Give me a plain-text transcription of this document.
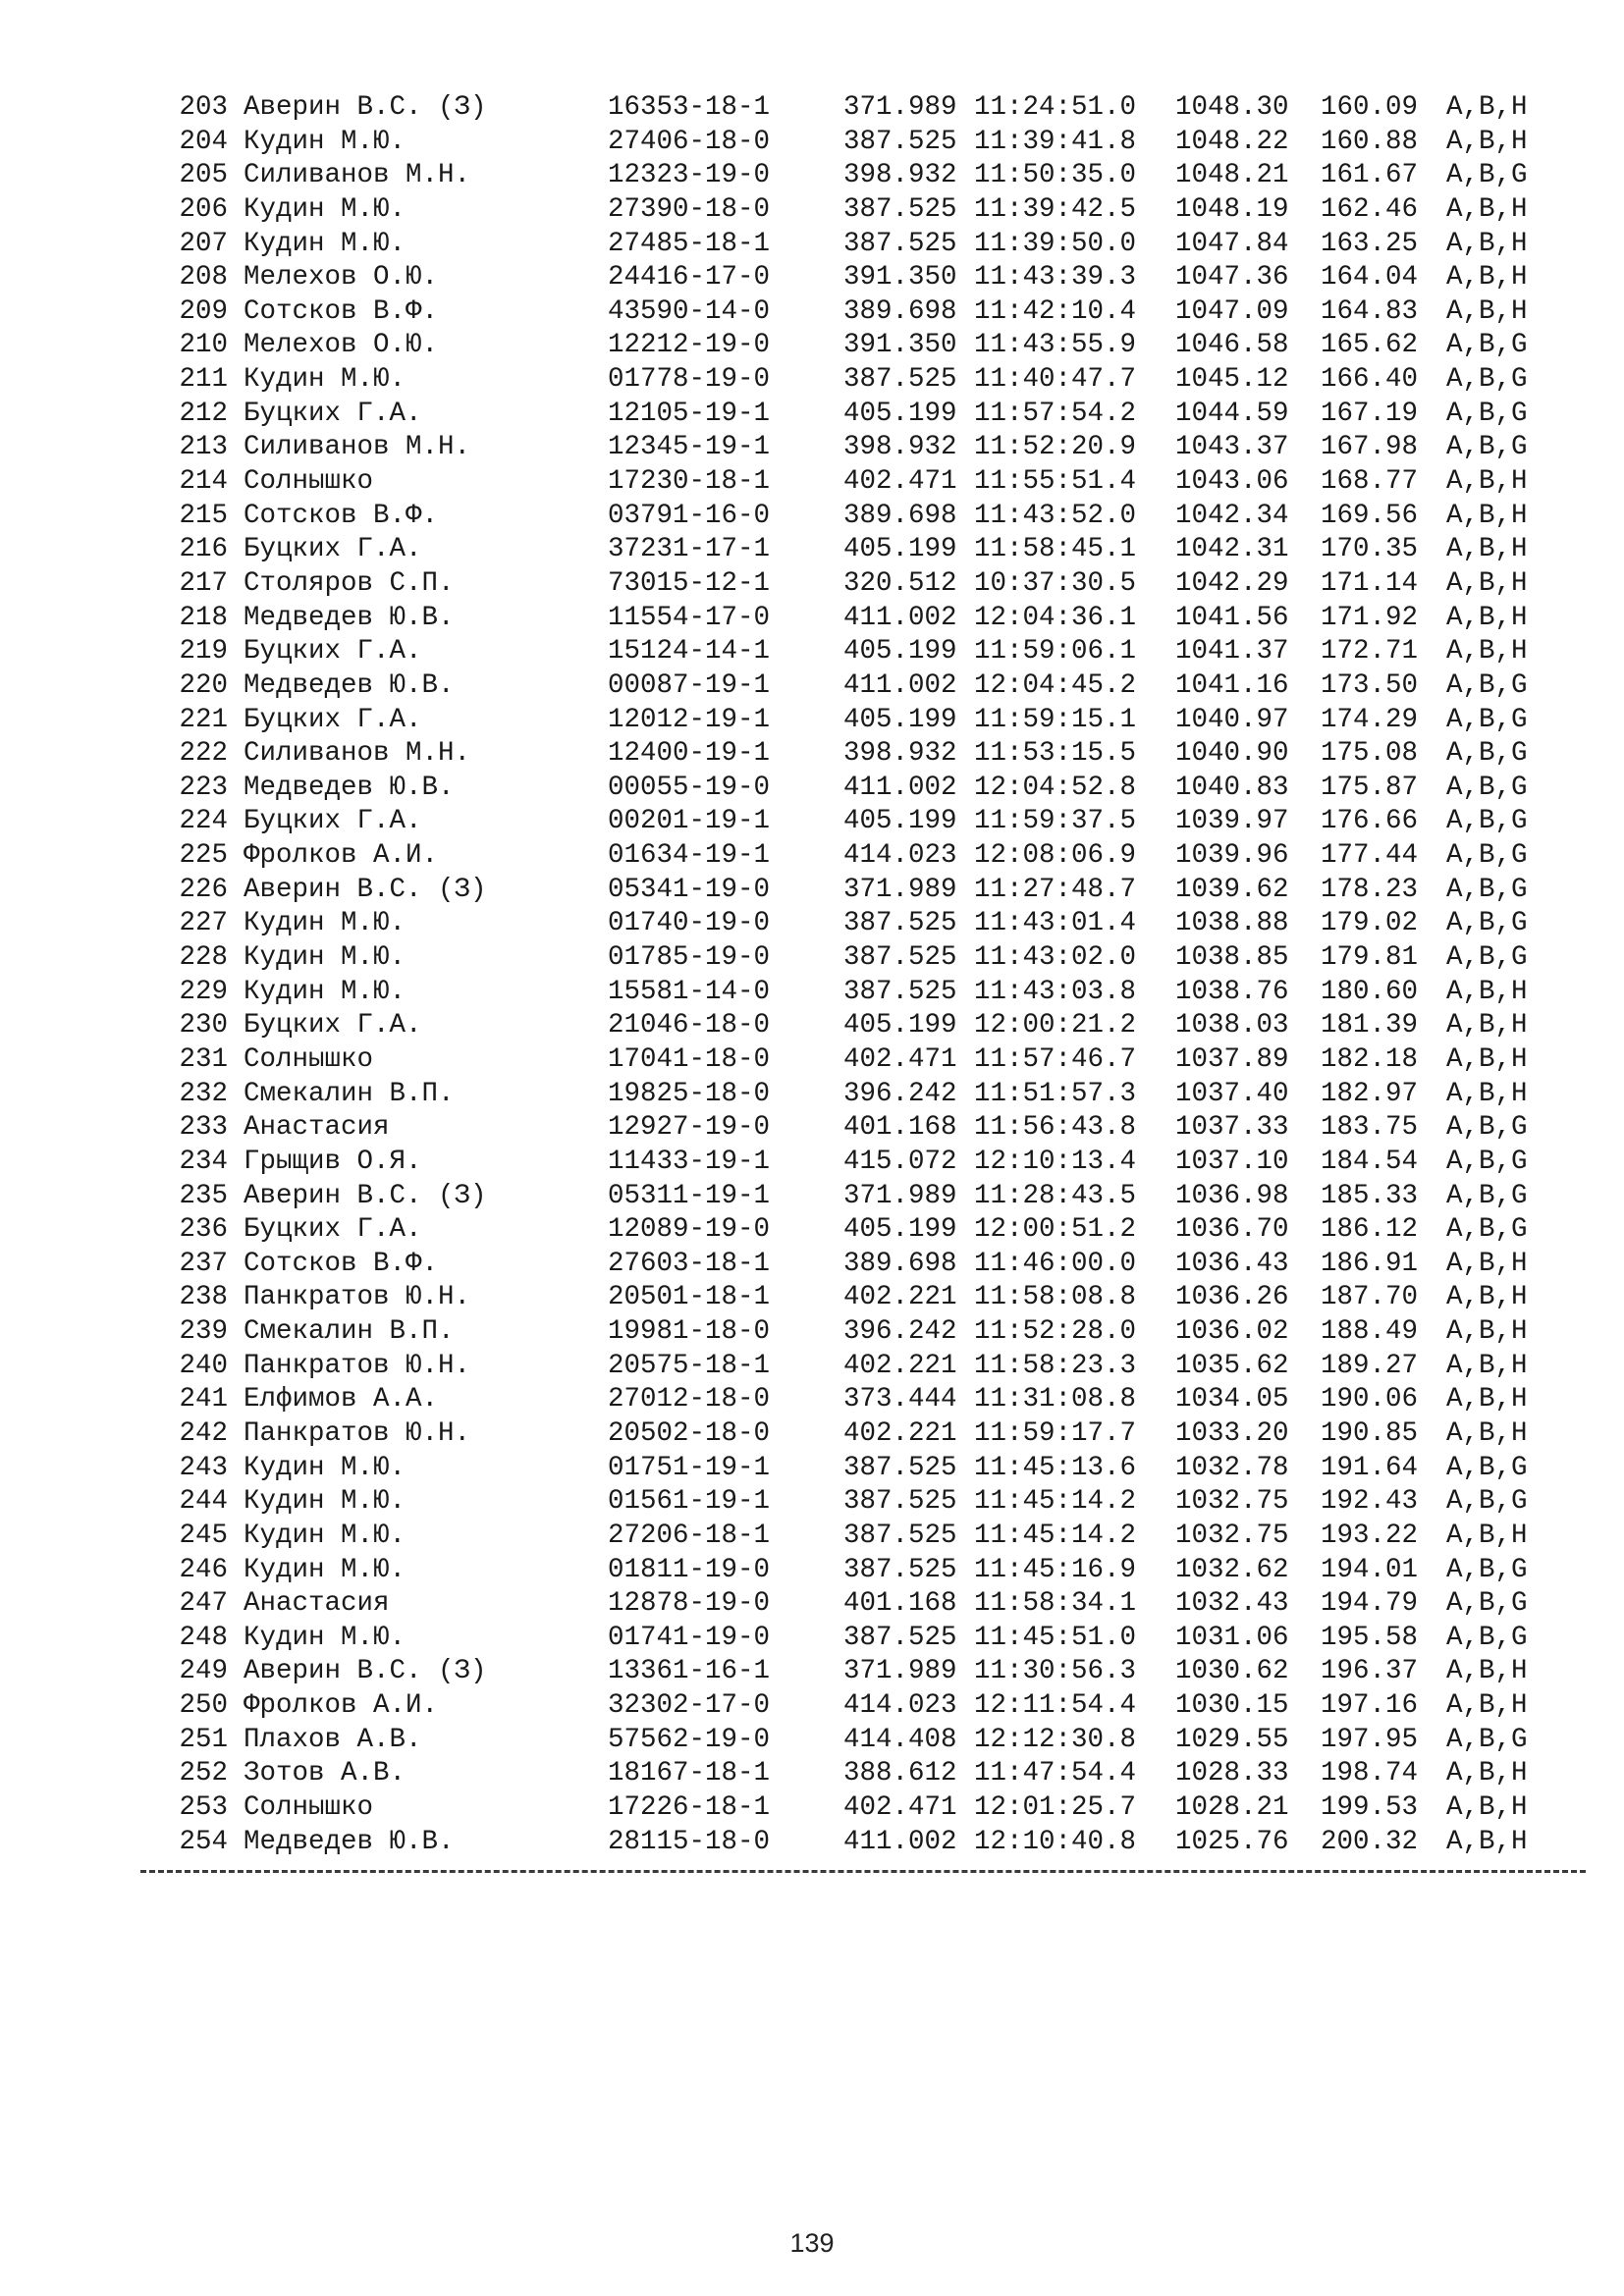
203 Аверин В.С. (З)	16353-18-1	371.989 11:24:51.0 1048.30 160.09 A,B,H
204 Кудин М.Ю.	27406-18-0	387.525 11:39:41.8 1048.22 160.88 A,B,H
205 Силиванов М.Н.	12323-19-0	398.932 11:50:35.0 1048.21 161.67 A,B,G
206 Кудин М.Ю.	27390-18-0	387.525 11:39:42.5 1048.19 162.46 A,B,H
207 Кудин М.Ю.	27485-18-1	387.525 11:39:50.0 1047.84 163.25 A,B,H
208 Мелехов О.Ю.	24416-17-0	391.350 11:43:39.3 1047.36 164.04 A,B,H
209 Сотсков В.Ф.	43590-14-0	389.698 11:42:10.4 1047.09 164.83 A,B,H
210 Мелехов О.Ю.	12212-19-0	391.350 11:43:55.9 1046.58 165.62 A,B,G
211 Кудин М.Ю.	01778-19-0	387.525 11:40:47.7 1045.12 166.40 A,B,G
212 Буцких Г.А.	12105-19-1	405.199 11:57:54.2 1044.59 167.19 A,B,G
213 Силиванов М.Н.	12345-19-1	398.932 11:52:20.9 1043.37 167.98 A,B,G
214 Солнышко	17230-18-1	402.471 11:55:51.4 1043.06 168.77 A,B,H
215 Сотсков В.Ф.	03791-16-0	389.698 11:43:52.0 1042.34 169.56 A,B,H
216 Буцких Г.А.	37231-17-1	405.199 11:58:45.1 1042.31 170.35 A,B,H
217 Столяров С.П.	73015-12-1	320.512 10:37:30.5 1042.29 171.14 A,B,H
218 Медведев Ю.В.	11554-17-0	411.002 12:04:36.1 1041.56 171.92 A,B,H
219 Буцких Г.А.	15124-14-1	405.199 11:59:06.1 1041.37 172.71 A,B,H
220 Медведев Ю.В.	00087-19-1	411.002 12:04:45.2 1041.16 173.50 A,B,G
221 Буцких Г.А.	12012-19-1	405.199 11:59:15.1 1040.97 174.29 A,B,G
222 Силиванов М.Н.	12400-19-1	398.932 11:53:15.5 1040.90 175.08 A,B,G
223 Медведев Ю.В.	00055-19-0	411.002 12:04:52.8 1040.83 175.87 A,B,G
224 Буцких Г.А.	00201-19-1	405.199 11:59:37.5 1039.97 176.66 A,B,G
225 Фролков А.И.	01634-19-1	414.023 12:08:06.9 1039.96 177.44 A,B,G
226 Аверин В.С. (З)	05341-19-0	371.989 11:27:48.7 1039.62 178.23 A,B,G
227 Кудин М.Ю.	01740-19-0	387.525 11:43:01.4 1038.88 179.02 A,B,G
228 Кудин М.Ю.	01785-19-0	387.525 11:43:02.0 1038.85 179.81 A,B,G
229 Кудин М.Ю.	15581-14-0	387.525 11:43:03.8 1038.76 180.60 A,B,H
230 Буцких Г.А.	21046-18-0	405.199 12:00:21.2 1038.03 181.39 A,B,H
231 Солнышко	17041-18-0	402.471 11:57:46.7 1037.89 182.18 A,B,H
232 Смекалин В.П.	19825-18-0	396.242 11:51:57.3 1037.40 182.97 A,B,H
233 Анастасия	12927-19-0	401.168 11:56:43.8 1037.33 183.75 A,B,G
234 Грыщив О.Я.	11433-19-1	415.072 12:10:13.4 1037.10 184.54 A,B,G
235 Аверин В.С. (З)	05311-19-1	371.989 11:28:43.5 1036.98 185.33 A,B,G
236 Буцких Г.А.	12089-19-0	405.199 12:00:51.2 1036.70 186.12 A,B,G
237 Сотсков В.Ф.	27603-18-1	389.698 11:46:00.0 1036.43 186.91 A,B,H
238 Панкратов Ю.Н.	20501-18-1	402.221 11:58:08.8 1036.26 187.70 A,B,H
239 Смекалин В.П.	19981-18-0	396.242 11:52:28.0 1036.02 188.49 A,B,H
240 Панкратов Ю.Н.	20575-18-1	402.221 11:58:23.3 1035.62 189.27 A,B,H
241 Елфимов А.А.	27012-18-0	373.444 11:31:08.8 1034.05 190.06 A,B,H
242 Панкратов Ю.Н.	20502-18-0	402.221 11:59:17.7 1033.20 190.85 A,B,H
243 Кудин М.Ю.	01751-19-1	387.525 11:45:13.6 1032.78 191.64 A,B,G
244 Кудин М.Ю.	01561-19-1	387.525 11:45:14.2 1032.75 192.43 A,B,G
245 Кудин М.Ю.	27206-18-1	387.525 11:45:14.2 1032.75 193.22 A,B,H
246 Кудин М.Ю.	01811-19-0	387.525 11:45:16.9 1032.62 194.01 A,B,G
247 Анастасия	12878-19-0	401.168 11:58:34.1 1032.43 194.79 A,B,G
248 Кудин М.Ю.	01741-19-0	387.525 11:45:51.0 1031.06 195.58 A,B,G
249 Аверин В.С. (З)	13361-16-1	371.989 11:30:56.3 1030.62 196.37 A,B,H
250 Фролков А.И.	32302-17-0	414.023 12:11:54.4 1030.15 197.16 A,B,H
251 Плахов А.В.	57562-19-0	414.408 12:12:30.8 1029.55 197.95 A,B,G
252 Зотов А.В.	18167-18-1	388.612 11:47:54.4 1028.33 198.74 A,B,H
253 Солнышко	17226-18-1	402.471 12:01:25.7 1028.21 199.53 A,B,H
254 Медведев Ю.В.	28115-18-0	411.002 12:10:40.8 1025.76 200.32 A,B,H
139
